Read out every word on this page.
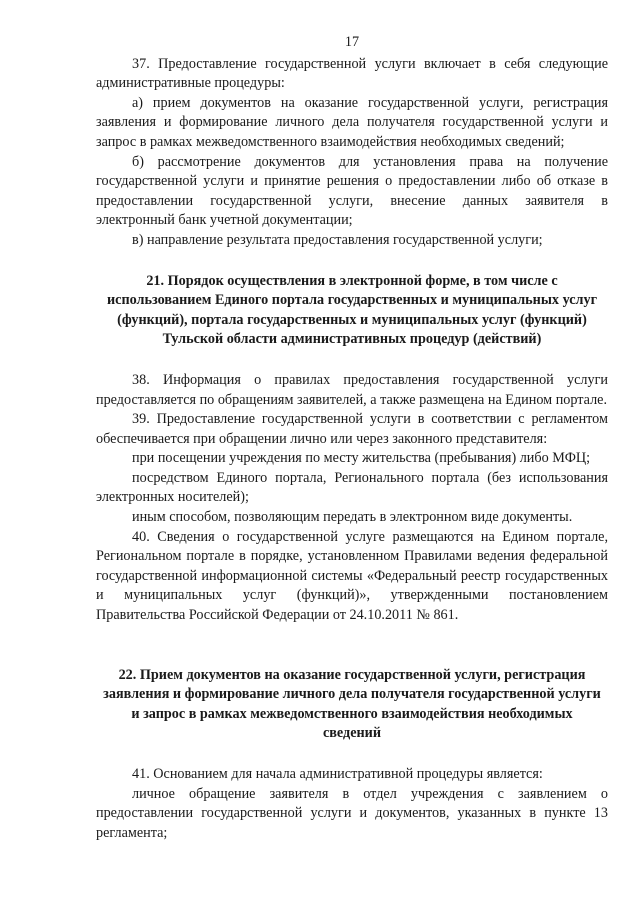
17

37. Предоставление государственной услуги включает в себя следующие административные процедуры:

а) прием документов на оказание государственной услуги, регистрация заявления и формирование личного дела получателя государственной услуги и запрос в рамках межведомственного взаимодействия необходимых сведений;

б) рассмотрение документов для установления права на получение государственной услуги и принятие решения о предоставлении либо об отказе в предоставлении государственной услуги, внесение данных заявителя в электронный банк учетной документации;

в) направление результата предоставления государственной услуги;

21. Порядок осуществления в электронной форме, в том числе с использованием Единого портала государственных и муниципальных услуг (функций), портала государственных и муниципальных услуг (функций) Тульской области административных процедур (действий)

38. Информация о правилах предоставления государственной услуги предоставляется по обращениям заявителей, а также размещена на Едином портале.

39. Предоставление государственной услуги в соответствии с регламентом обеспечивается при обращении лично или через законного представителя:

при посещении учреждения по месту жительства (пребывания) либо МФЦ;

посредством Единого портала, Регионального портала (без использования электронных носителей);

иным способом, позволяющим передать в электронном виде документы.

40. Сведения о государственной услуге размещаются на Едином портале, Региональном портале в порядке, установленном Правилами ведения федеральной государственной информационной системы «Федеральный реестр государственных и муниципальных услуг (функций)», утвержденными постановлением Правительства Российской Федерации от 24.10.2011 № 861.

22. Прием документов на оказание государственной услуги, регистрация заявления и формирование личного дела получателя государственной услуги и запрос в рамках межведомственного взаимодействия необходимых сведений

41. Основанием для начала административной процедуры является:

личное обращение заявителя в отдел учреждения с заявлением о предоставлении государственной услуги и документов, указанных в пункте 13 регламента;
